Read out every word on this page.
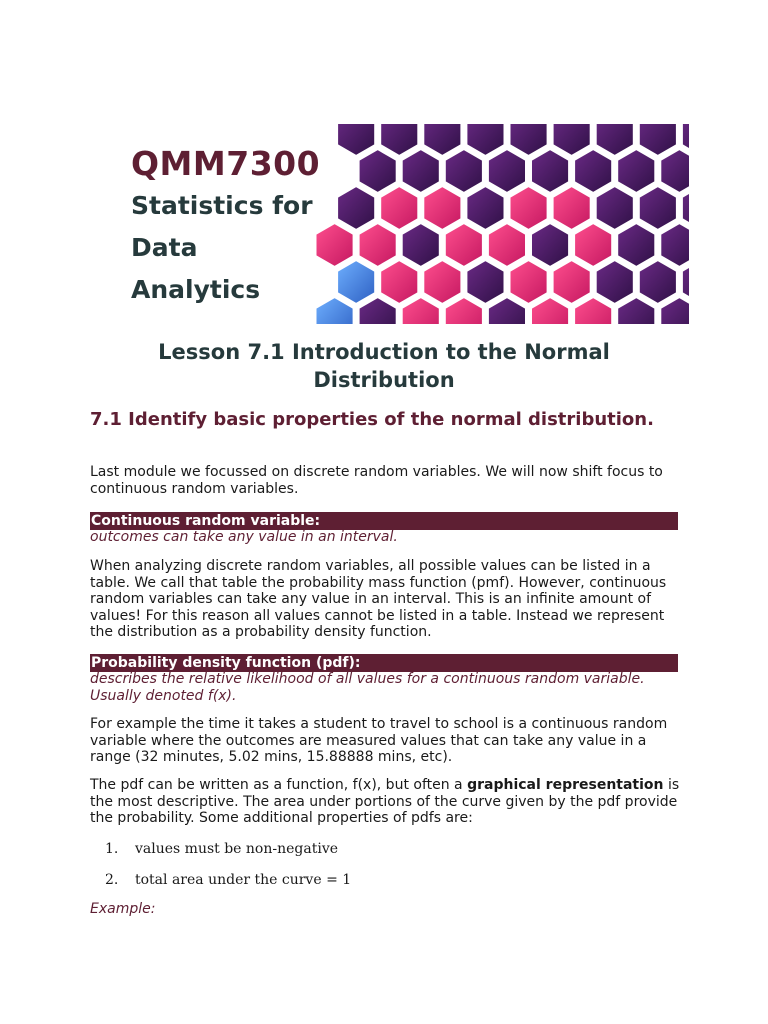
QMM7300
Statistics for
Data
Analytics
Lesson 7.1 Introduction to the Normal Distribution
7.1 Identify basic properties of the normal distribution.
Last module we focussed on discrete random variables. We will now shift focus to continuous random variables.
Continuous random variable:
outcomes can take any value in an interval.
When analyzing discrete random variables, all possible values can be listed in a table. We call that table the probability mass function (pmf). However, continuous random variables can take any value in an interval. This is an infinite amount of values! For this reason all values cannot be listed in a table. Instead we represent the distribution as a probability density function.
Probability density function (pdf):
describes the relative likelihood of all values for a continuous random variable. Usually denoted f(x).
For example the time it takes a student to travel to school is a continuous random variable where the outcomes are measured values that can take any value in a range (32 minutes, 5.02 mins, 15.88888 mins, etc).
The pdf can be written as a function, f(x), but often a graphical representation is the most descriptive. The area under portions of the curve given by the pdf provide the probability. Some additional properties of pdfs are:
1. values must be non-negative
2. total area under the curve = 1
Example:
